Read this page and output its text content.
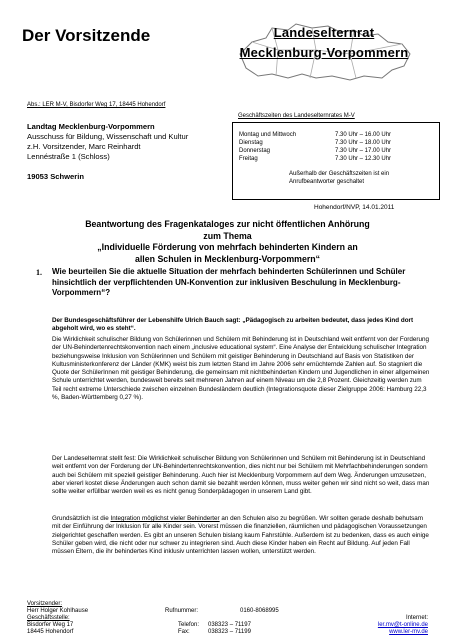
Der Vorsitzende	Landeselternrat
Mecklenburg-Vorpommern
Abs.: LER M-V, Bisdorfer Weg 17, 18445 Hohendorf
Landtag Mecklenburg-Vorpommern
Ausschuss für Bildung, Wissenschaft und Kultur
z.H. Vorsitzender, Marc Reinhardt
Lennéstraße 1 (Schloss)
19053 Schwerin
Geschäftszeiten des Landeselternrates M-V
Montag und Mittwoch	7.30 Uhr – 16.00 Uhr
Dienstag	7.30 Uhr – 18.00 Uhr
Donnerstag	7.30 Uhr – 17.00 Uhr
Freitag	7.30 Uhr – 12.30 Uhr
Außerhalb der Geschäftszeiten ist ein Anrufbeantworter geschaltet
Hohendorf/NVP, 14.01.2011
Beantwortung des Fragenkataloges zur nicht öffentlichen Anhörung
zum Thema
„Individuelle Förderung von mehrfach behinderten Kindern an
allen Schulen in Mecklenburg-Vorpommern“
1. Wie beurteilen Sie die aktuelle Situation der mehrfach behinderten Schülerinnen und Schüler hinsichtlich der verpflichtenden UN-Konvention zur inklusiven Beschulung in Mecklenburg-Vorpommern“?
Der Bundesgeschäftsführer der Lebenshilfe Ulrich Bauch sagt: „Pädagogisch zu arbeiten bedeutet, dass jedes Kind dort abgeholt wird, wo es steht“.
Die Wirklichkeit schulischer Bildung von Schülerinnen und Schülern mit Behinderung ist in Deutschland weit entfernt von der Forderung der UN-Behindertenrechtskonvention nach einem „inclusive educational system“. Eine Analyse der Entwicklung schulischer Integration beziehungsweise Inklusion von Schülerinnen und Schülern mit geistiger Behinderung in Deutschland auf Basis von Statistiken der Kultusministerkonferenz der Länder (KMK) weist bis zum letzten Stand im Jahre 2006 sehr ernüchternde Zahlen auf. So stagniert die Quote der SchülerInnen mit geistiger Behinderung, die gemeinsam mit nichtbehinderten Kindern und Jugendlichen in einer allgemeinen Schule unterrichtet werden, bundesweit bereits seit mehreren Jahren auf einem Niveau um die 2,8 Prozent. Gleichzeitig werden zum Teil recht extreme Unterschiede zwischen einzelnen Bundesländern deutlich (Integrationsquote dieser Zielgruppe 2006: Hamburg 22,3 %, Baden-Württemberg 0,27 %).
Der Landeselternrat stellt fest: Die Wirklichkeit schulischer Bildung von Schülerinnen und Schülern mit Behinderung ist in Deutschland weit entfernt von der Forderung der UN-Behindertenrechtskonvention, dies nicht nur bei Schülern mit Mehrfachbehinderungen sondern auch bei Schülern mit speziell geistiger Behinderung. Auch hier ist Mecklenburg Vorpommern auf dem Weg. Änderungen umzusetzen, aber viererl kostet diese Änderungen auch schon damit sie bezahlt werden können, muss weiter gehen wir sind nicht so weit, dass man sollte weiter erfüllbar werden weil es es nicht genug Sonderpädagogen in unserem Land gibt.
Grundsätzlich ist die Integration möglichst vieler Behinderter an den Schulen also zu begrüßen. Wir sollten gerade deshalb behutsam mit der Einführung der Inklusion für alle Kinder sein. Vorerst müssen die finanziellen, räumlichen und pädagogischen Voraussetzungen zielgerichtet geschaffen werden. Es gibt an unseren Schulen bislang kaum Fahrstühle. Außerdem ist zu bedenken, dass es auch einige Schüler geben wird, die nicht oder nur schwer zu integrieren sind. Auch diese Kinder haben ein Recht auf Bildung. Auf jeden Fall müssen Eltern, die ihr behindertes Kind inklusiv unterrichten lassen wollen, unterstützt werden.
Vorsitzender:
Herr Holger Kohlhause
Geschäftsstelle:
Bisdorfer Weg 17
18445 Hohendorf
Rufnummer:	0160-8068995
Telefon: 038323 – 71197
Fax:	038323 – 71199
Internet:
ler.mv@t-online.de
www.ler-mv.de
